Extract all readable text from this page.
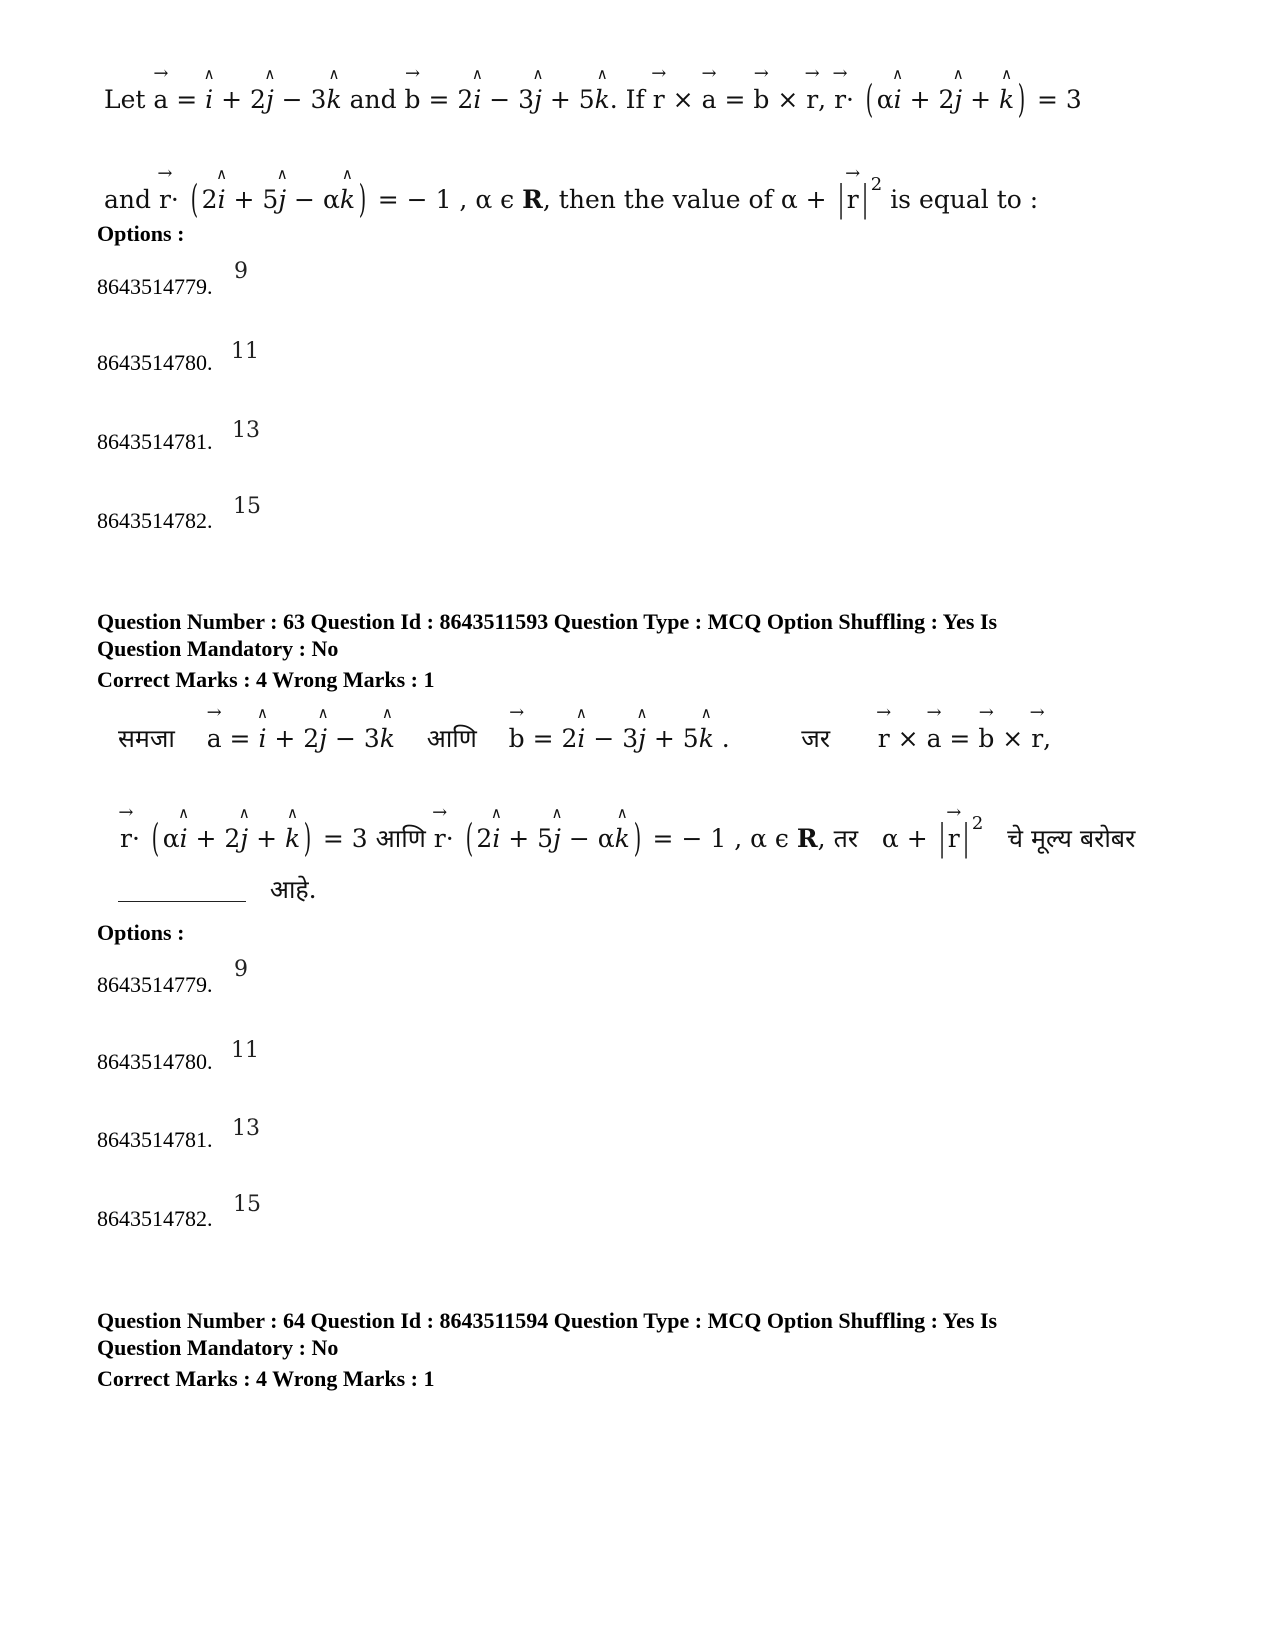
Let → a = ∧ i + 2∧ j − 3∧ k and → b = 2∧ i − 3∧ j + 5∧ k. If → r × → a = → b × → r, → r· ( α∧ i + 2∧ j + ∧ k) = 3
and → r· ( 2∧ i + 5∧ j − α∧ k) = − 1 , α ϵ R, then the value of α + | → r| 2 is equal to :
Options :
8643514779.
9
8643514780. 11
8643514781. 13
8643514782.
15
Question Number : 63 Question Id : 8643511593 Question Type : MCQ Option Shuffling : Yes Is
Question Mandatory : No
Correct Marks : 4 Wrong Marks : 1
समजा → a = ∧ i + 2∧ j − 3∧ k आणि → b = 2∧ i − 3∧ j + 5∧ k .	जर → r × → a = → b × → r,
→ r· ( α∧ i + 2∧ j + ∧ k) = 3 आणि → r· ( 2∧ i + 5∧ j − α∧ k) = − 1 , α ϵ R, तर α + | → r| 2   चे मूल्य बरोबर
आहे.
Options :
8643514779.
9
8643514780. 11
8643514781. 13
8643514782.
15
Question Number : 64 Question Id : 8643511594 Question Type : MCQ Option Shuffling : Yes Is
Question Mandatory : No
Correct Marks : 4 Wrong Marks : 1
